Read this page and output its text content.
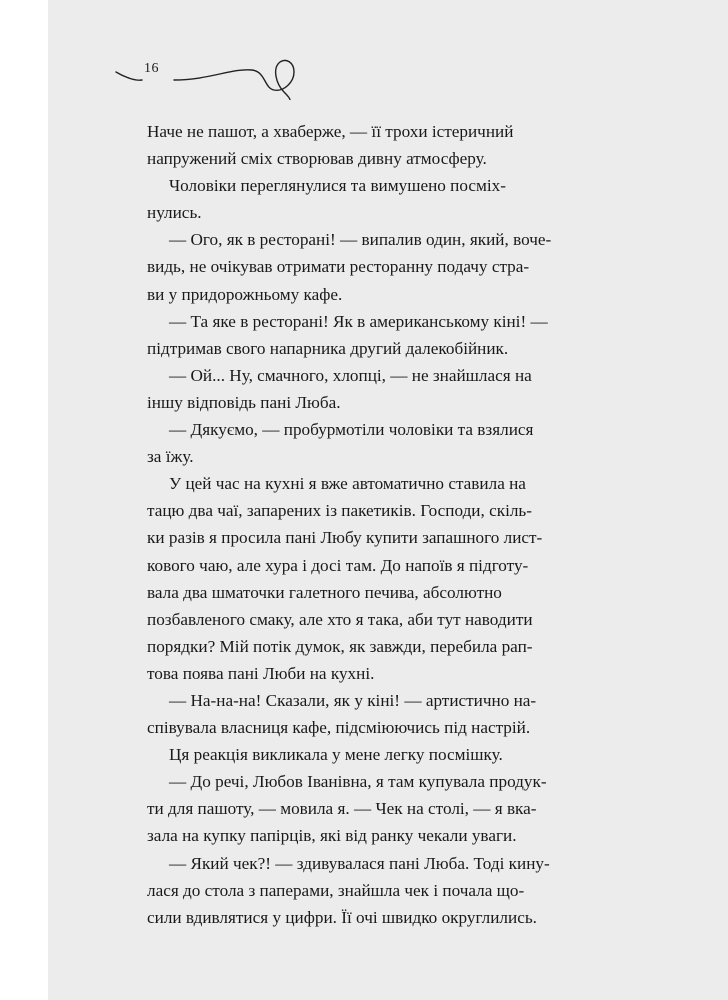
16
Наче не пашот, а хваберже, — її трохи істеричний
напружений сміх створював дивну атмосферу.
Чоловіки переглянулися та вимушено посміх-
нулись.
— Ого, як в ресторані! — випалив один, який, воче-
видь, не очікував отримати ресторанну подачу стра-
ви у придорожньому кафе.
— Та яке в ресторані! Як в американському кіні! —
підтримав свого напарника другий далекобійник.
— Ой... Ну, смачного, хлопці, — не знайшлася на
іншу відповідь пані Люба.
— Дякуємо, — пробурмотіли чоловіки та взялися
за їжу.
У цей час на кухні я вже автоматично ставила на
тацю два чаї, запарених із пакетиків. Господи, скіль-
ки разів я просила пані Любу купити запашного лист-
кового чаю, але хура і досі там. До напоїв я підготу-
вала два шматочки галетного печива, абсолютно
позбавленого смаку, але хто я така, аби тут наводити
порядки? Мій потік думок, як завжди, перебила рап-
това поява пані Люби на кухні.
— На-на-на! Сказали, як у кіні! — артистично на-
співувала власниця кафе, підсміюючись під настрій.
Ця реакція викликала у мене легку посмішку.
— До речі, Любов Іванівна, я там купувала продук-
ти для пашоту, — мовила я. — Чек на столі, — я вка-
зала на купку папірців, які від ранку чекали уваги.
— Який чек?! — здивувалася пані Люба. Тоді кину-
лася до стола з паперами, знайшла чек і почала що-
сили вдивлятися у цифри. Її очі швидко округлились.
